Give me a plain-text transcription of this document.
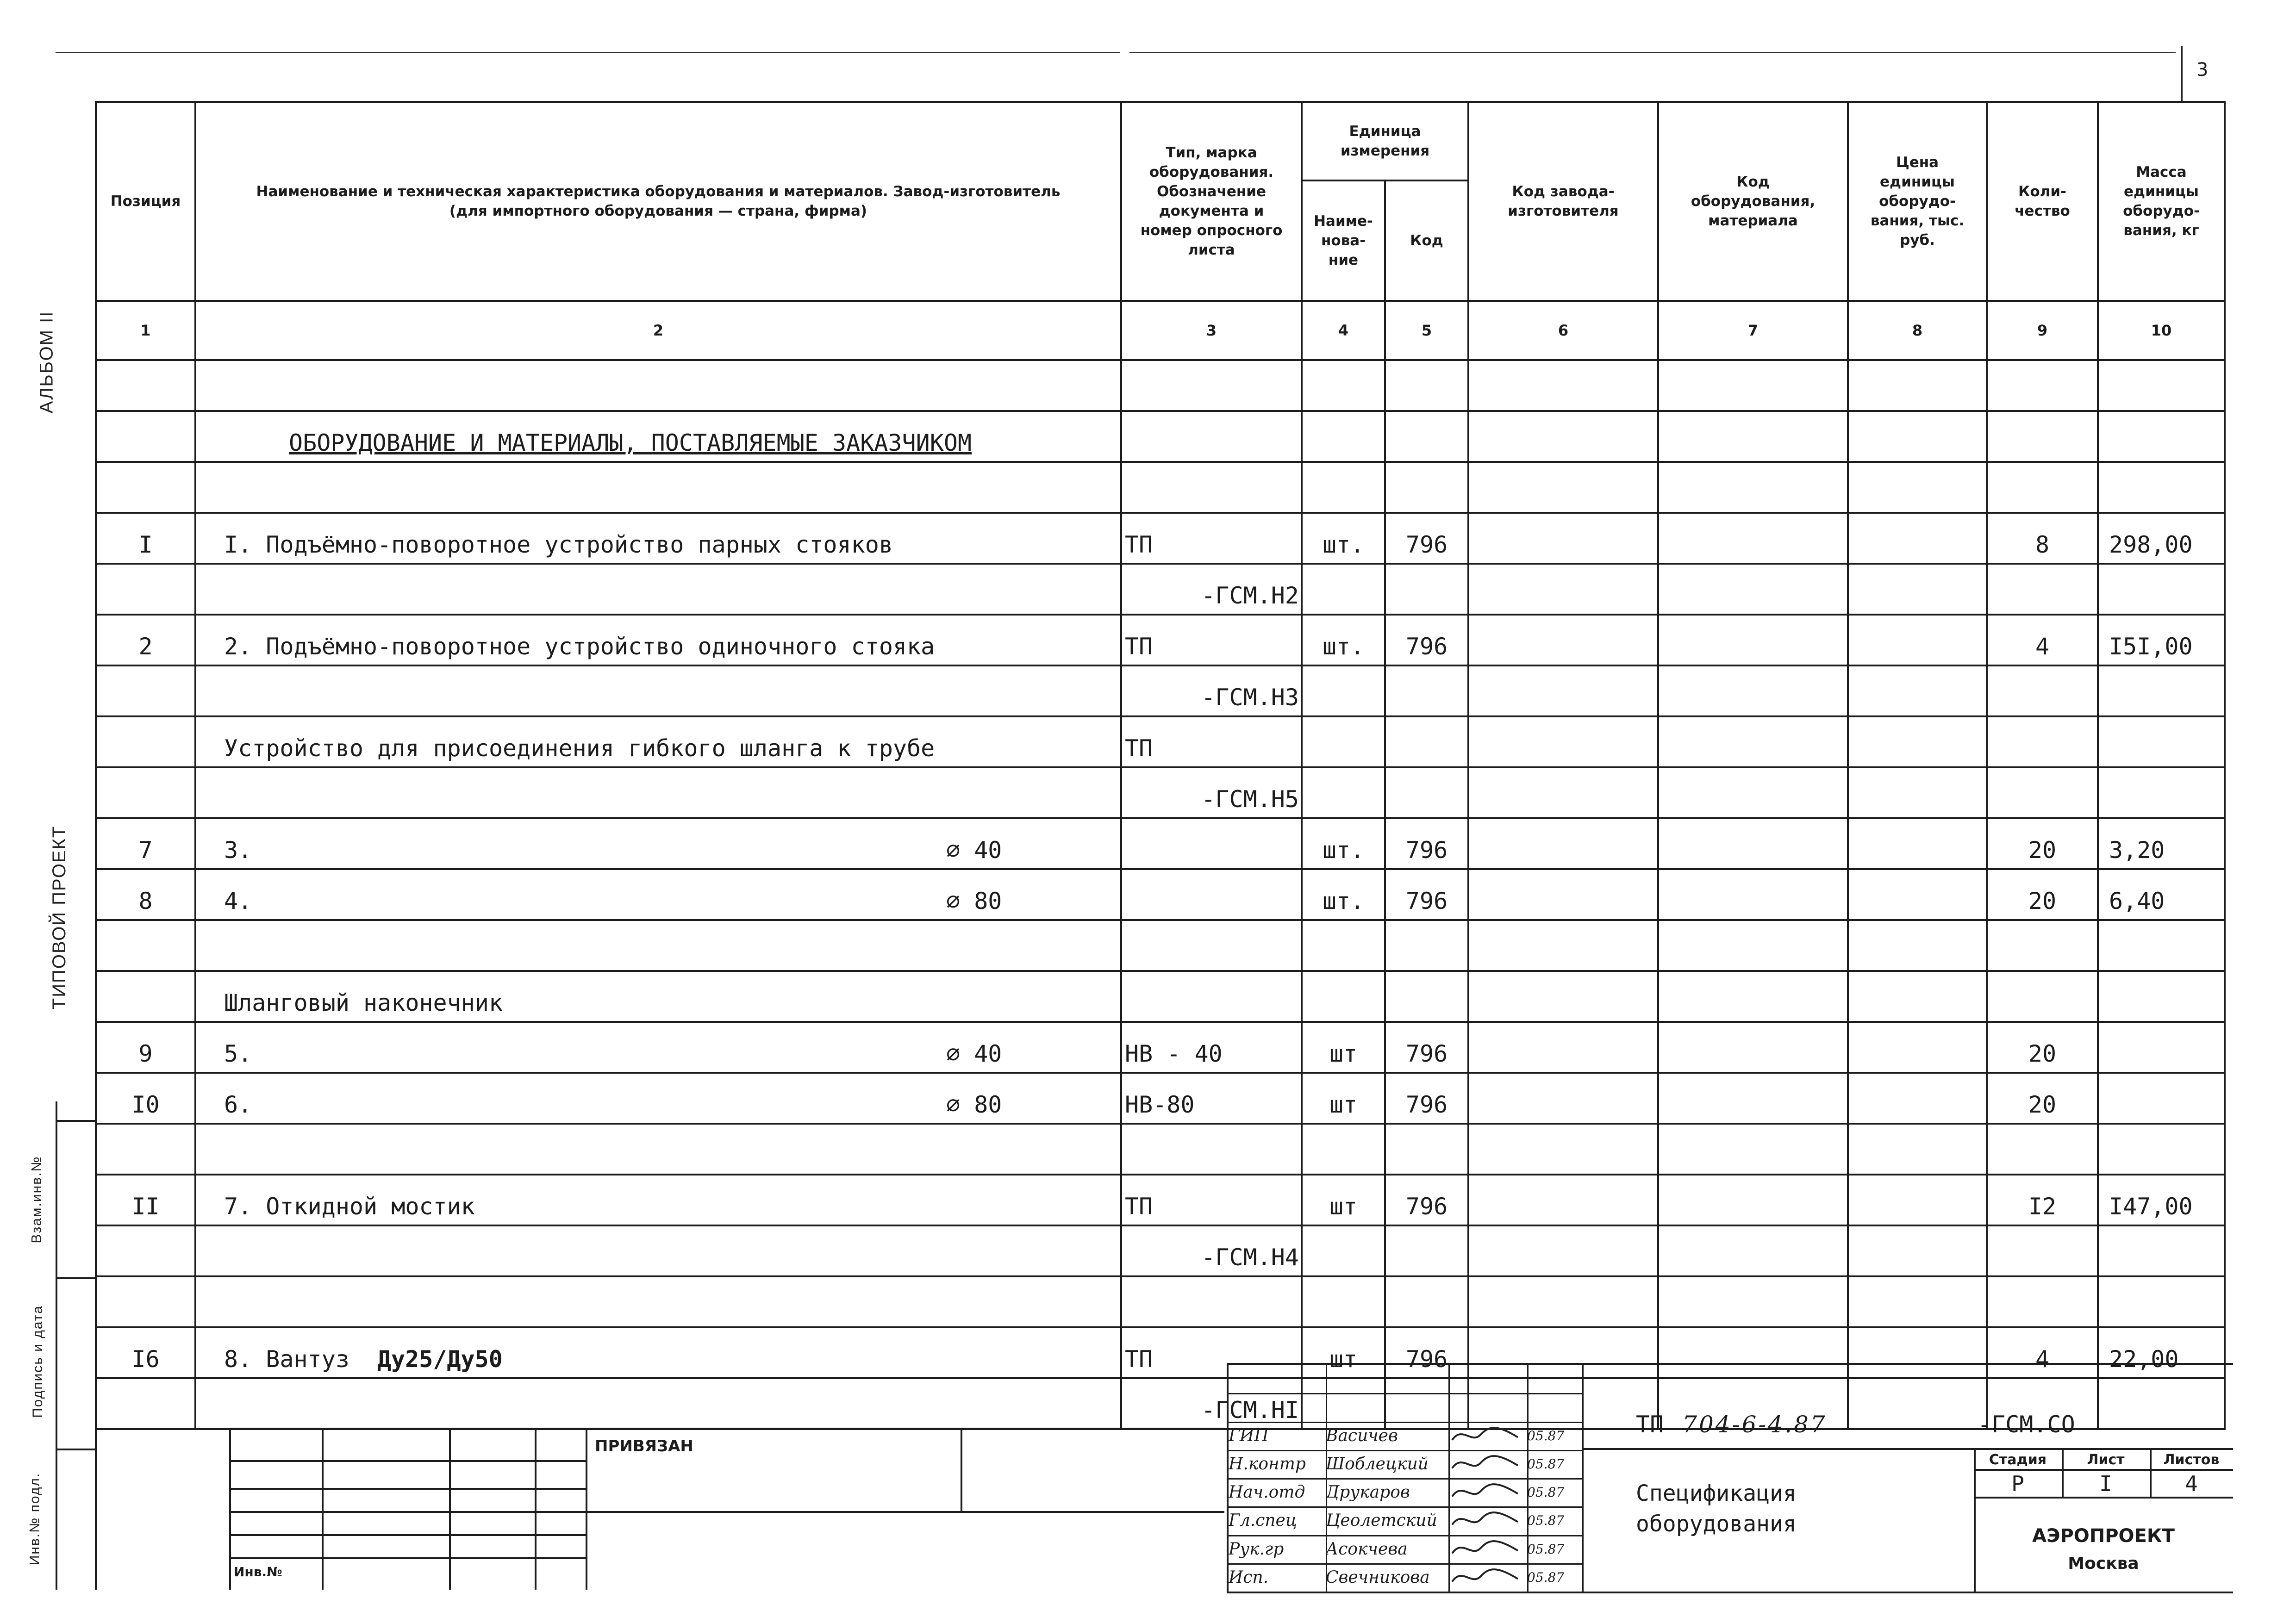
3
АЛЬБОМ II
ТИПОВОЙ ПРОЕКТ
Взам.инв.№
Подпись и дата
Инв.№ подл.
Позиция	Наименование и техническая характеристика оборудования и материалов. Завод-изготовитель (для импортного оборудования — страна, фирма)	Тип, марка оборудования. Обозначение документа и номер опросного листа	Единица измерения		Код завода-изготовителя	Код оборудования, материала	Цена единицы оборудо-вания, тыс. руб.	Коли-чество	Масса единицы оборудо-вания, кг
			Наиме-нова-ние	Код					
1	2	3	4	5	6	7	8	9	10

	ОБОРУДОВАНИЕ И МАТЕРИАЛЫ, ПОСТАВЛЯЕМЫЕ ЗАКАЗЧИКОМ								

I	I. Подъёмно-поворотное устройство парных стояков	ТП	шт.	796				8	298,00

		-ГСМ.Н2							

2	2. Подъёмно-поворотное устройство одиночного стояка	ТП	шт.	796				4	I5I,00

		-ГСМ.Н3							

	Устройство для присоединения гибкого шланга к трубе	ТП							

		-ГСМ.Н5							

7	3. ∅ 40		шт.	796				20	3,20
8	4. ∅ 80		шт.	796				20	6,40

	Шланговый наконечник								
9	5. ∅ 40	НВ - 40	шт	796				20	
I0	6. ∅ 80	НВ-80	шт	796				20	

II	7. Откидной мостик	ТП	шт	796				I2	I47,00

		-ГСМ.Н4							

I6	8. Вантуз Ду25/Ду50	ТП	шт	796				4	22,00

		-ГСМ.НI							

ПРИВЯЗАН
Инв.№
ГИП	Васичев	05.87
Н.контр	Шоблецкий	05.87
Нач.отд	Друкаров	05.87
Гл.спец	Цеолетский	05.87
Рук.гр	Асокчева	05.87
Исп.	Свечникова	05.87
ТП 704-6-4.87	-ГСМ.СО
Спецификация
оборудования
Стадия	Лист	Листов
Р	I	4
АЭРОПРОЕКТ
Москва
